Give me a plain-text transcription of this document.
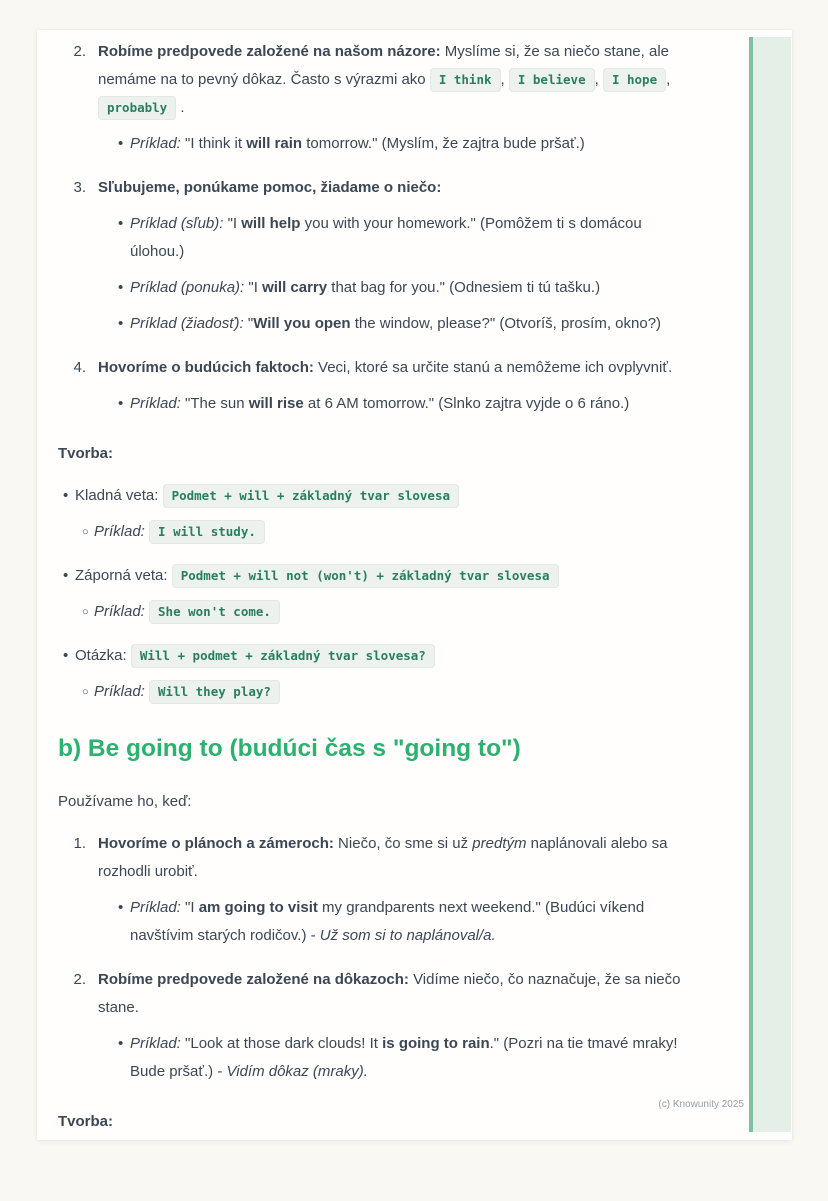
2. Robíme predpovede založené na našom názore: Myslíme si, že sa niečo stane, ale nemáme na to pevný dôkaz. Často s výrazmi ako I think , I believe , I hope , probably .
• Príklad: "I think it will rain tomorrow." (Myslím, že zajtra bude pršať.)
3. Sľubujeme, ponúkame pomoc, žiadame o niečo:
• Príklad (sľub): "I will help you with your homework." (Pomôžem ti s domácou úlohou.)
• Príklad (ponuka): "I will carry that bag for you." (Odnesiem ti tú tašku.)
• Príklad (žiadosť): "Will you open the window, please?" (Otvoríš, prosím, okno?)
4. Hovoríme o budúcich faktoch: Veci, ktoré sa určite stanú a nemôžeme ich ovplyvniť.
• Príklad: "The sun will rise at 6 AM tomorrow." (Slnko zajtra vyjde o 6 ráno.)
Tvorba:
• Kladná veta: Podmet + will + základný tvar slovesa
○ Príklad: I will study.
• Záporná veta: Podmet + will not (won't) + základný tvar slovesa
○ Príklad: She won't come.
• Otázka: Will + podmet + základný tvar slovesa?
○ Príklad: Will they play?
b) Be going to (budúci čas s "going to")
Používame ho, keď:
1. Hovoríme o plánoch a zámeroch: Niečo, čo sme si už predtým naplánovali alebo sa rozhodli urobiť.
• Príklad: "I am going to visit my grandparents next weekend." (Budúci víkend navštívim starých rodičov.) - Už som si to naplánoval/a.
2. Robíme predpovede založené na dôkazoch: Vidíme niečo, čo naznačuje, že sa niečo stane.
• Príklad: "Look at those dark clouds! It is going to rain." (Pozri na tie tmavé mraky! Bude pršať.) - Vidím dôkaz (mraky).
Tvorba:
(c) Knowunity 2025
